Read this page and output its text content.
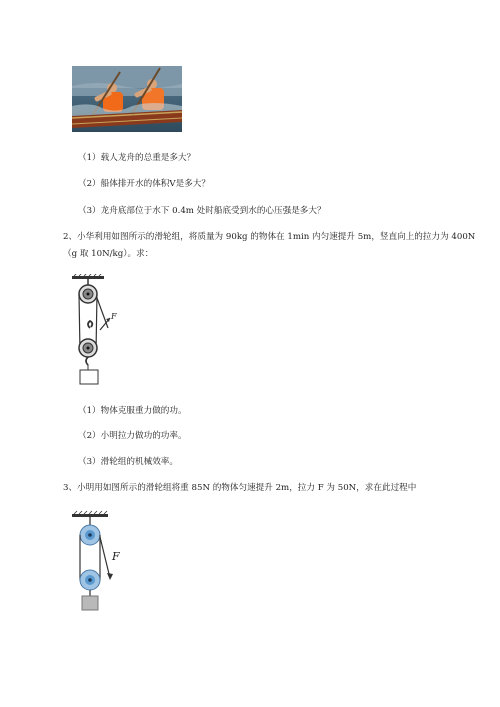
（1）载人龙舟的总重是多大？
（2）船体排开水的体积V是多大？
（3）龙舟底部位于水下 0.4m 处时船底受到水的心压强是多大？
2、小华利用如图所示的滑轮组，将质量为 90kg 的物体在 1min 内匀速提升 5m，竖直向上的拉力为 400N
（g 取 10N/kg）。求：
F
（1）物体克服重力做的功。
（2）小明拉力做功的功率。
（3）滑轮组的机械效率。
3、小明用如图所示的滑轮组将重 85N 的物体匀速提升 2m，拉力 F 为 50N，求在此过程中
F
